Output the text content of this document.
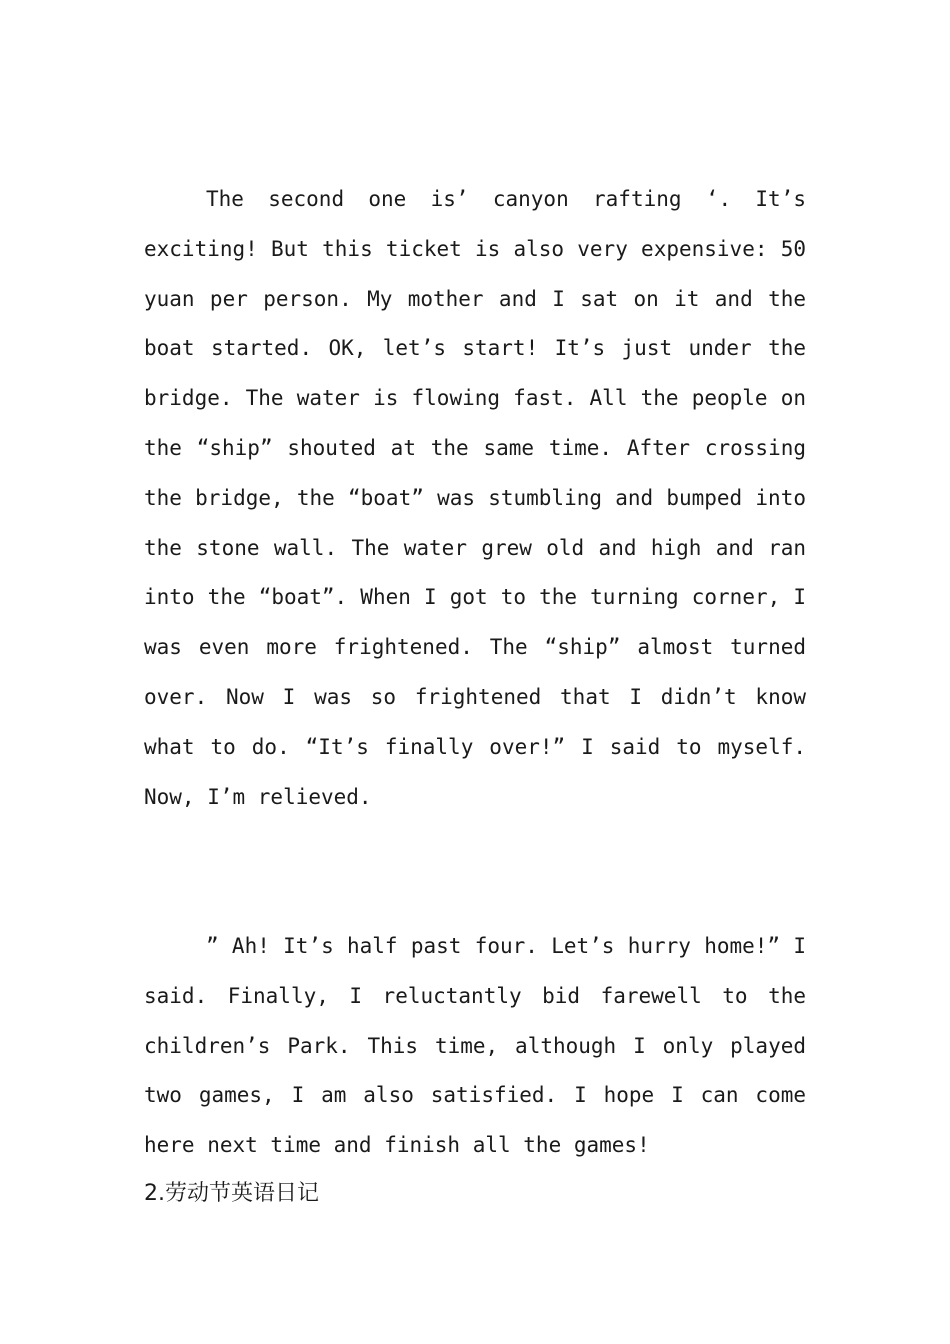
The second one is’ canyon rafting ‘. It’s exciting! But this ticket is also very expensive: 50 yuan per person. My mother and I sat on it and the boat started. OK, let’s start! It’s just under the bridge. The water is flowing fast. All the people on the “ship” shouted at the same time. After crossing the bridge, the “boat” was stumbling and bumped into the stone wall. The water grew old and high and ran into the “boat”. When I got to the turning corner, I was even more frightened. The “ship” almost turned over. Now I was so frightened that I didn’t know what to do. “It’s finally over!” I said to myself. Now, I’m relieved.

” Ah! It’s half past four. Let’s hurry home!” I said. Finally, I reluctantly bid farewell to the children’s Park. This time, although I only played two games, I am also satisfied. I hope I can come here next time and finish all the games!

2.劳动节英语日记
